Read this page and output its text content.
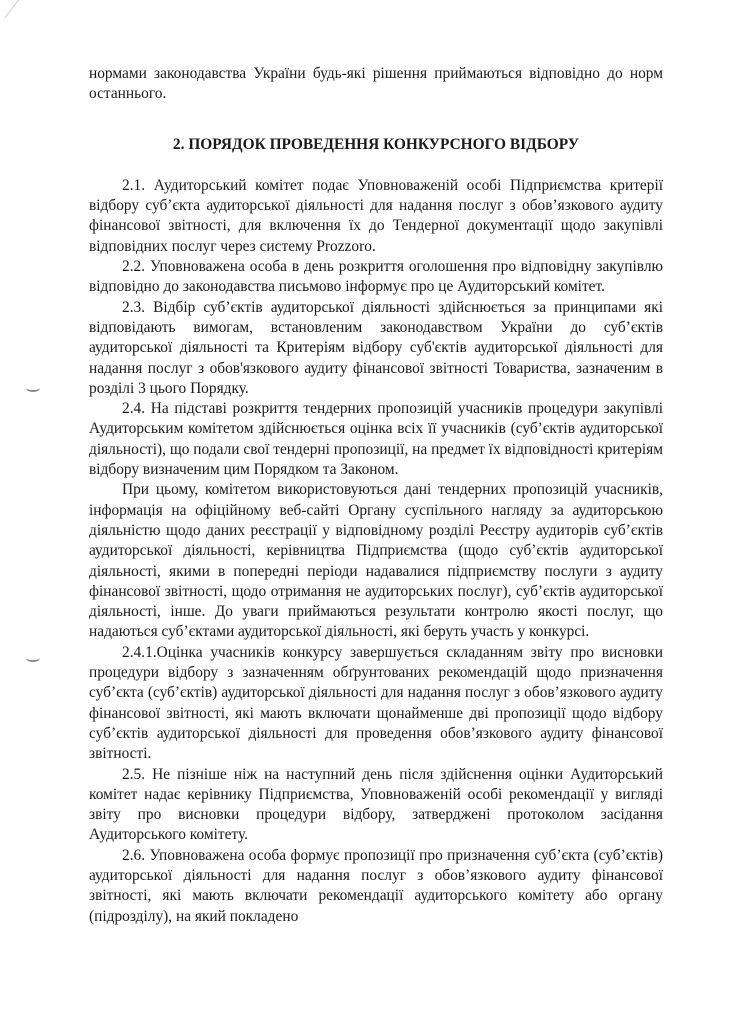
нормами законодавства України будь-які рішення приймаються відповідно до норм останнього.

2. ПОРЯДОК ПРОВЕДЕННЯ КОНКУРСНОГО ВІДБОРУ

2.1. Аудиторський комітет подає Уповноваженій особі Підприємства критерії відбору суб’єкта аудиторської діяльності для надання послуг з обов’язкового аудиту фінансової звітності, для включення їх до Тендерної документації щодо закупівлі відповідних послуг через систему Prozzoro.

2.2. Уповноважена особа в день розкриття оголошення про відповідну закупівлю відповідно до законодавства письмово інформує про це Аудиторський комітет.

2.3. Відбір суб’єктів аудиторської діяльності здійснюється за принципами які відповідають вимогам, встановленим законодавством України до суб’єктів аудиторської діяльності та Критеріям відбору суб'єктів аудиторської діяльності для надання послуг з обов'язкового аудиту фінансової звітності Товариства, зазначеним в розділі 3 цього Порядку.

2.4. На підставі розкриття тендерних пропозицій учасників процедури закупівлі Аудиторським комітетом здійснюється оцінка всіх її учасників (суб’єктів аудиторської діяльності), що подали свої тендерні пропозиції, на предмет їх відповідності критеріям відбору визначеним цим Порядком та Законом.

При цьому, комітетом використовуються дані тендерних пропозицій учасників, інформація на офіційному веб-сайті Органу суспільного нагляду за аудиторською діяльністю щодо даних реєстрації у відповідному розділі Реєстру аудиторів суб’єктів аудиторської діяльності, керівництва Підприємства (щодо суб’єктів аудиторської діяльності, якими в попередні періоди надавалися підприємству послуги з аудиту фінансової звітності, щодо отримання не аудиторських послуг), суб’єктів аудиторської діяльності, інше. До уваги приймаються результати контролю якості послуг, що надаються суб’єктами аудиторської діяльності, які беруть участь у конкурсі.

2.4.1.Оцінка учасників конкурсу завершується складанням звіту про висновки процедури відбору з зазначенням обґрунтованих рекомендацій щодо призначення суб’єкта (суб’єктів) аудиторської діяльності для надання послуг з обов’язкового аудиту фінансової звітності, які мають включати щонайменше дві пропозиції щодо відбору суб’єктів аудиторської діяльності для проведення обов’язкового аудиту фінансової звітності.

2.5. Не пізніше ніж на наступний день після здійснення оцінки Аудиторський комітет надає керівнику Підприємства, Уповноваженій особі рекомендації у вигляді звіту про висновки процедури відбору, затверджені протоколом засідання Аудиторського комітету.

2.6. Уповноважена особа формує пропозиції про призначення суб’єкта (суб’єктів) аудиторської діяльності для надання послуг з обов’язкового аудиту фінансової звітності, які мають включати рекомендації аудиторського комітету або органу (підрозділу), на який покладено
